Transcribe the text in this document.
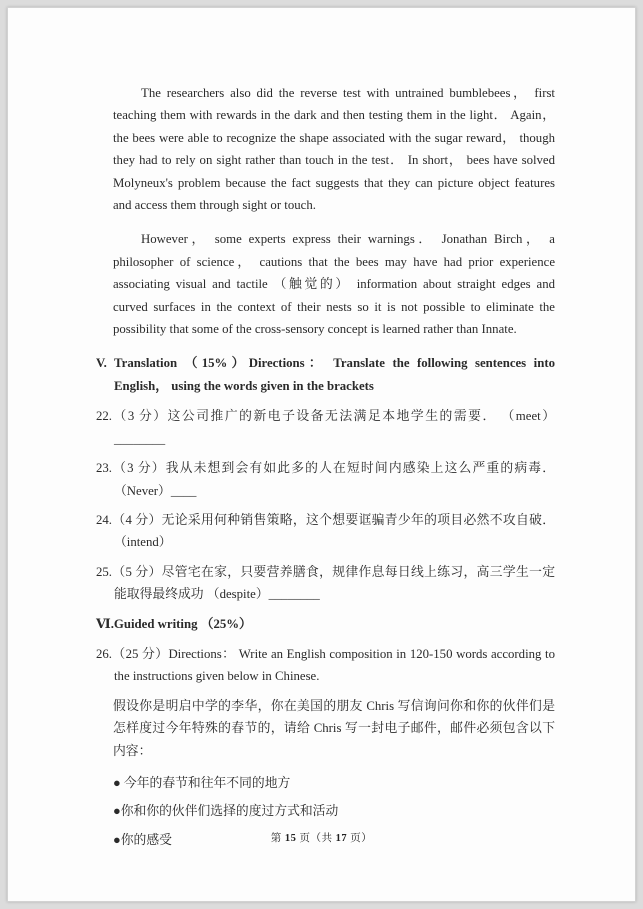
The researchers also did the reverse test with untrained bumblebees， first teaching them with rewards in the dark and then testing them in the light． Again， the bees were able to recognize the shape associated with the sugar reward， though they had to rely on sight rather than touch in the test． In short， bees have solved Molyneux's problem because the fact suggests that they can picture object features and access them through sight or touch.

However， some experts express their warnings． Jonathan Birch， a philosopher of science， cautions that the bees may have had prior experience associating visual and tactile （触觉的） information about straight edges and curved surfaces in the context of their nests so it is not possible to eliminate the possibility that some of the cross‐sensory concept is learned rather than Innate.

V. Translation （15%）Directions： Translate the following sentences into English， using the words given in the brackets

22.（3 分）这公司推广的新电子设备无法满足本地学生的需要． （meet）________

23.（3 分）我从未想到会有如此多的人在短时间内感染上这么严重的病毒． （Never）____

24.（4 分）无论采用何种销售策略，这个想要诓骗青少年的项目必然不攻自破． （intend）

25.（5 分）尽管宅在家，只要营养膳食，规律作息每日线上练习，高三学生一定能取得最终成功 （despite）________

Ⅵ.Guided writing （25%）

26.（25 分）Directions： Write an English composition in 120‐150 words according to the instructions given below in Chinese.

假设你是明启中学的李华，你在美国的朋友 Chris 写信询问你和你的伙伴们是怎样度过今年特殊的春节的，请给 Chris 写一封电子邮件，邮件必须包含以下内容：

● 今年的春节和往年不同的地方

●你和你的伙伴们选择的度过方式和活动

●你的感受	第 15 页（共 17 页）
